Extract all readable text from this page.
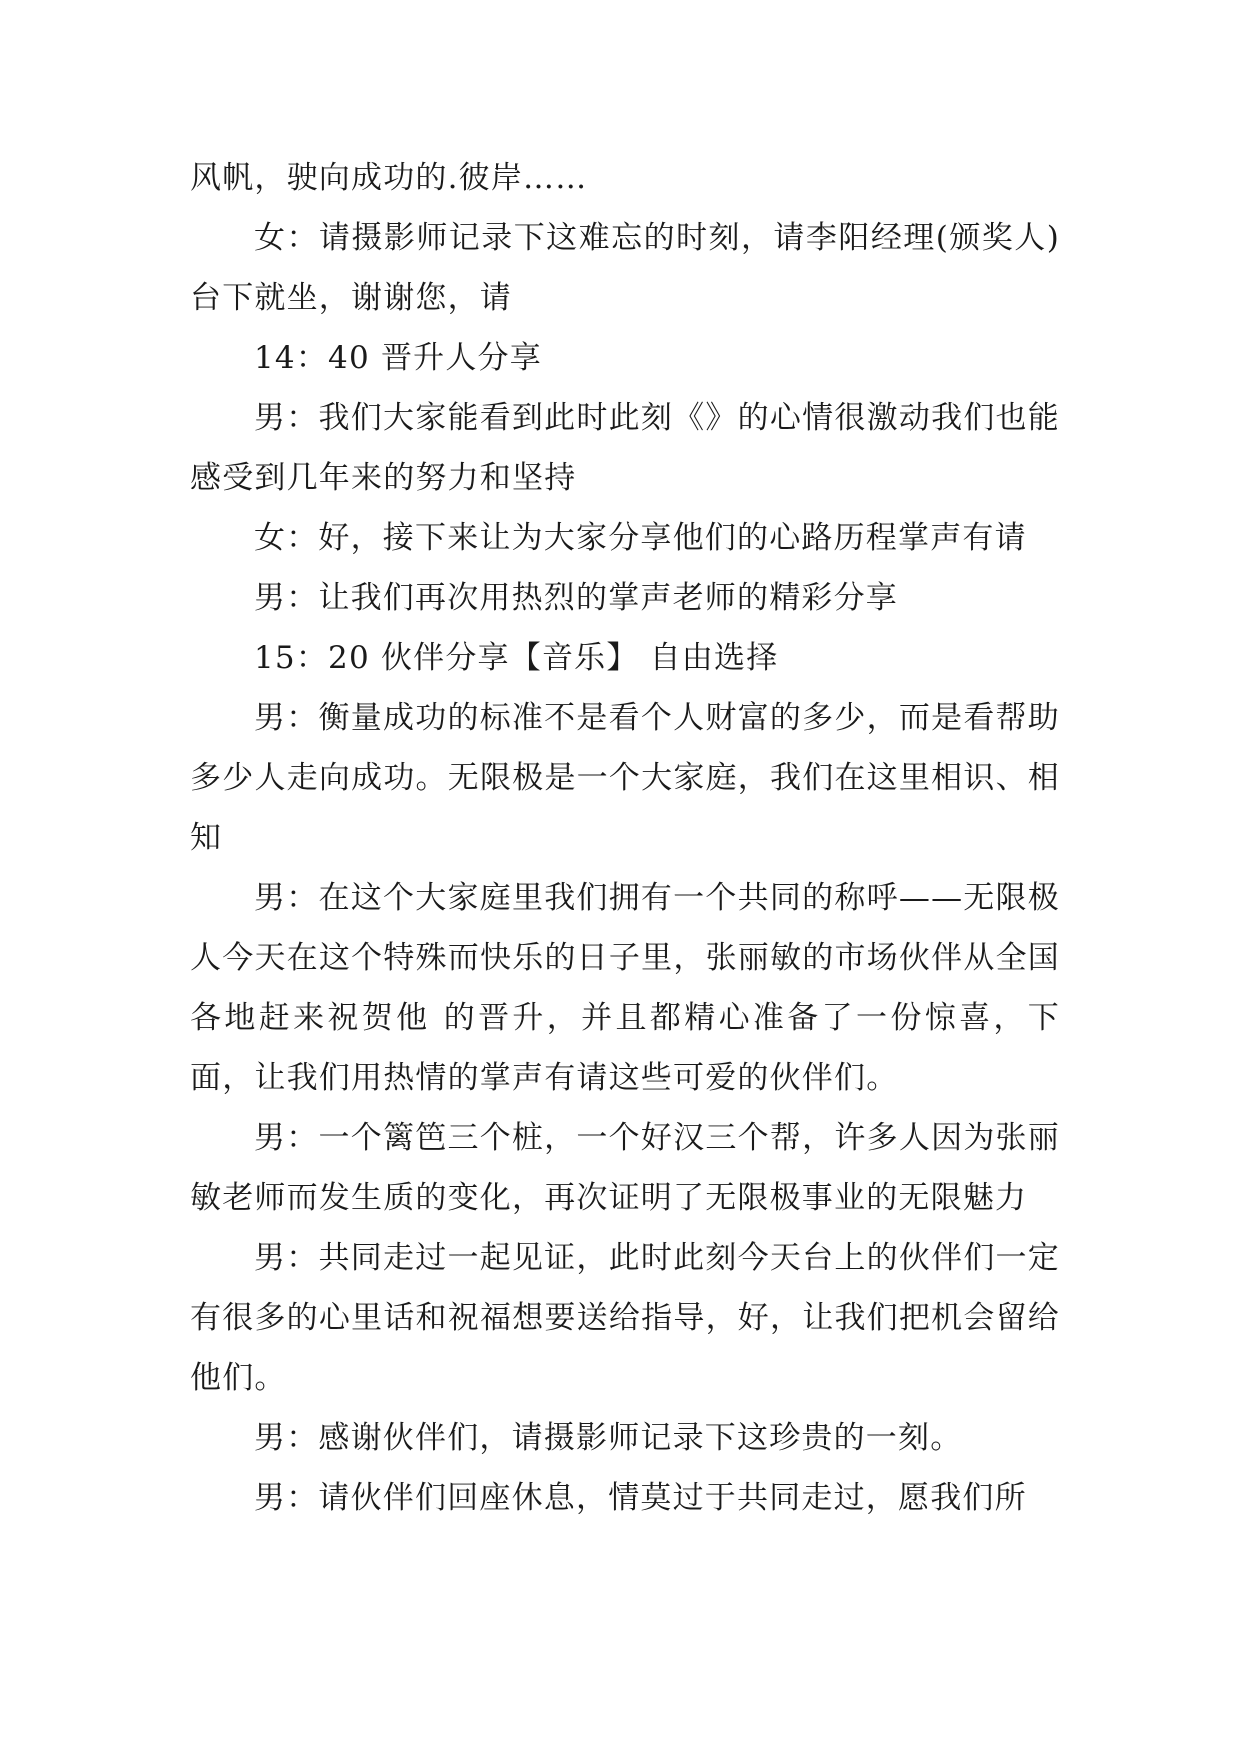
风帆，驶向成功的.彼岸……

女：请摄影师记录下这难忘的时刻，请李阳经理(颁奖人)台下就坐，谢谢您，请

14：40 晋升人分享

男：我们大家能看到此时此刻《》的心情很激动我们也能感受到几年来的努力和坚持

女：好，接下来让为大家分享他们的心路历程掌声有请

男：让我们再次用热烈的掌声老师的精彩分享

15：20 伙伴分享【音乐】 自由选择

男：衡量成功的标准不是看个人财富的多少，而是看帮助多少人走向成功。无限极是一个大家庭，我们在这里相识、相知

男：在这个大家庭里我们拥有一个共同的称呼——无限极人今天在这个特殊而快乐的日子里，张丽敏的市场伙伴从全国各地赶来祝贺他 的晋升，并且都精心准备了一份惊喜，下面，让我们用热情的掌声有请这些可爱的伙伴们。

男：一个篱笆三个桩，一个好汉三个帮，许多人因为张丽敏老师而发生质的变化，再次证明了无限极事业的无限魅力

男：共同走过一起见证，此时此刻今天台上的伙伴们一定有很多的心里话和祝福想要送给指导，好，让我们把机会留给他们。

男：感谢伙伴们，请摄影师记录下这珍贵的一刻。

男：请伙伴们回座休息，情莫过于共同走过，愿我们所
